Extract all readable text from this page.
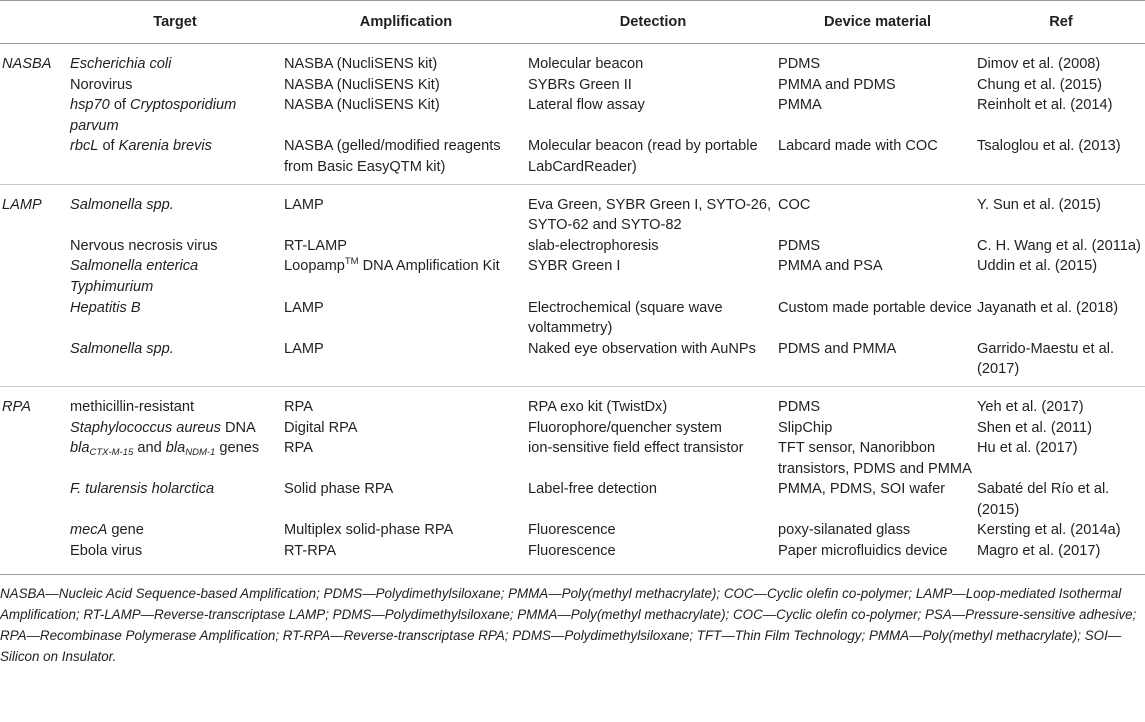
	Target	Amplification	Detection	Device material	Ref
NASBA	Escherichia coli	NASBA (NucliSENS kit)	Molecular beacon	PDMS	Dimov et al. (2008)
	Norovirus	NASBA (NucliSENS Kit)	SYBRs Green II	PMMA and PDMS	Chung et al. (2015)
	hsp70 of Cryptosporidium parvum	NASBA (NucliSENS Kit)	Lateral flow assay	PMMA	Reinholt et al. (2014)
	rbcL of Karenia brevis	NASBA (gelled/modified reagents from Basic EasyQTM kit)	Molecular beacon (read by portable LabCardReader)	Labcard made with COC	Tsaloglou et al. (2013)
LAMP	Salmonella spp.	LAMP	Eva Green, SYBR Green I, SYTO-26, SYTO-62 and SYTO-82	COC	Y. Sun et al. (2015)
	Nervous necrosis virus	RT-LAMP	slab-electrophoresis	PDMS	C. H. Wang et al. (2011a)
	Salmonella enterica Typhimurium	Loopamp™ DNA Amplification Kit	SYBR Green I	PMMA and PSA	Uddin et al. (2015)
	Hepatitis B	LAMP	Electrochemical (square wave voltammetry)	Custom made portable device	Jayanath et al. (2018)
	Salmonella spp.	LAMP	Naked eye observation with AuNPs	PDMS and PMMA	Garrido-Maestu et al. (2017)
RPA	methicillin-resistant	RPA	RPA exo kit (TwistDx)	PDMS	Yeh et al. (2017)
	Staphylococcus aureus DNA	Digital RPA	Fluorophore/quencher system	SlipChip	Shen et al. (2011)
	bla$_{CTX-M-15}$ and bla$_{NDM-1}$ genes	RPA	ion-sensitive field effect transistor	TFT sensor, Nanoribbon transistors, PDMS and PMMA	Hu et al. (2017)
	F. tularensis holarctica	Solid phase RPA	Label-free detection	PMMA, PDMS, SOI wafer	Sabaté del Río et al. (2015)
	mecA gene	Multiplex solid-phase RPA	Fluorescence	poxy-silanated glass	Kersting et al. (2014a)
	Ebola virus	RT-RPA	Fluorescence	Paper microfluidics device	Magro et al. (2017)
NASBA—Nucleic Acid Sequence-based Amplification; PDMS—Polydimethylsiloxane; PMMA—Poly(methyl methacrylate); COC—Cyclic olefin co-polymer; LAMP—Loop-mediated Isothermal Amplification; RT-LAMP—Reverse-transcriptase LAMP; PDMS—Polydimethylsiloxane; PMMA—Poly(methyl methacrylate); COC—Cyclic olefin co-polymer; PSA—Pressure-sensitive adhesive; RPA—Recombinase Polymerase Amplification; RT-RPA—Reverse-transcriptase RPA; PDMS—Polydimethylsiloxane; TFT—Thin Film Technology; PMMA—Poly(methyl methacrylate); SOI—Silicon on Insulator.
